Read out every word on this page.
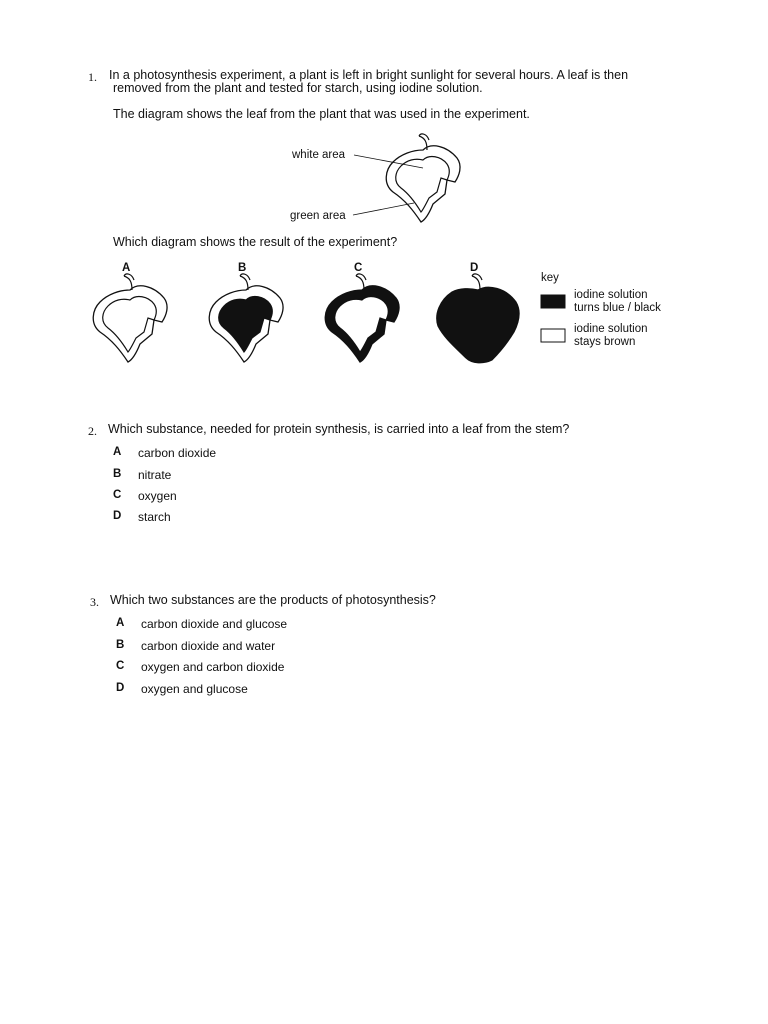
1. In a photosynthesis experiment, a plant is left in bright sunlight for several hours. A leaf is then
removed from the plant and tested for starch, using iodine solution.
The diagram shows the leaf from the plant that was used in the experiment.
white area
green area
Which diagram shows the result of the experiment?
A	B	C	D
key
iodine solution
turns blue / black
iodine solution
stays brown
2. Which substance, needed for protein synthesis, is carried into a leaf from the stem?
A carbon dioxide
B nitrate
C oxygen
D starch
3. Which two substances are the products of photosynthesis?
A carbon dioxide and glucose
B carbon dioxide and water
C oxygen and carbon dioxide
D oxygen and glucose
